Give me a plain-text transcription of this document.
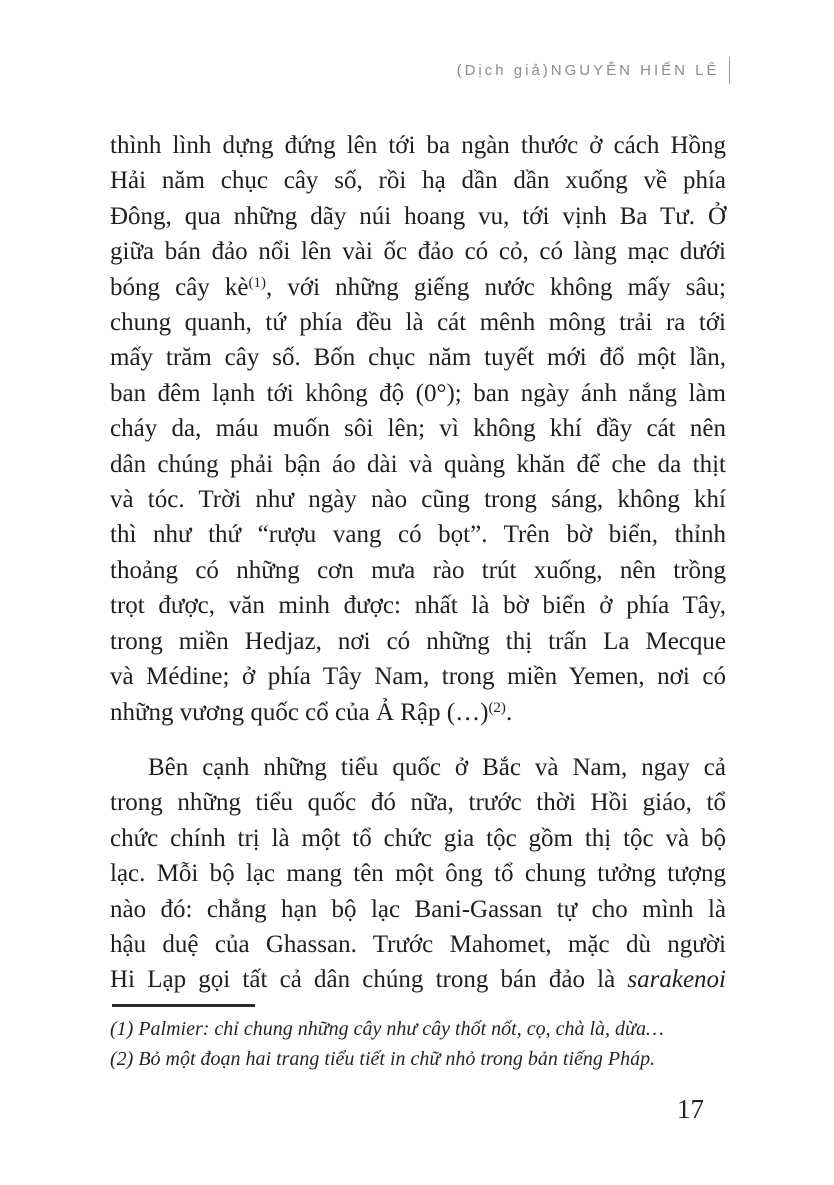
(Dịch giả)NGUYỄN HIẾN LÊ
thình lình dựng đứng lên tới ba ngàn thước ở cách Hồng
Hải năm chục cây số, rồi hạ dần dần xuống về phía
Đông, qua những dãy núi hoang vu, tới vịnh Ba Tư. Ở
giữa bán đảo nổi lên vài ốc đảo có cỏ, có làng mạc dưới
bóng cây $kè^{(1)}$, với những giếng nước không mấy sâu;
chung quanh, tứ phía đều là cát mênh mông trải ra tới
mấy trăm cây số. Bốn chục năm tuyết mới đổ một lần,
ban đêm lạnh tới không độ (0°); ban ngày ánh nắng làm
cháy da, máu muốn sôi lên; vì không khí đầy cát nên
dân chúng phải bận áo dài và quàng khăn để che da thịt
và tóc. Trời như ngày nào cũng trong sáng, không khí
thì như thứ “rượu vang có bọt”. Trên bờ biển, thỉnh
thoảng có những cơn mưa rào trút xuống, nên trồng
trọt được, văn minh được: nhất là bờ biển ở phía Tây,
trong miền Hedjaz, nơi có những thị trấn La Mecque
và Médine; ở phía Tây Nam, trong miền Yemen, nơi có
những vương quốc cổ của Ả Rập (…)$^{(2)}$.
Bên cạnh những tiểu quốc ở Bắc và Nam, ngay cả
trong những tiểu quốc đó nữa, trước thời Hồi giáo, tổ
chức chính trị là một tổ chức gia tộc gồm thị tộc và bộ
lạc. Mỗi bộ lạc mang tên một ông tổ chung tưởng tượng
nào đó: chẳng hạn bộ lạc Bani-Gassan tự cho mình là
hậu duệ của Ghassan. Trước Mahomet, mặc dù người
Hi Lạp gọi tất cả dân chúng trong bán đảo là sarakenoi
(1) Palmier: chỉ chung những cây như cây thốt nốt, cọ, chà là, dừa…
(2) Bỏ một đoạn hai trang tiểu tiết in chữ nhỏ trong bản tiếng Pháp.
17
